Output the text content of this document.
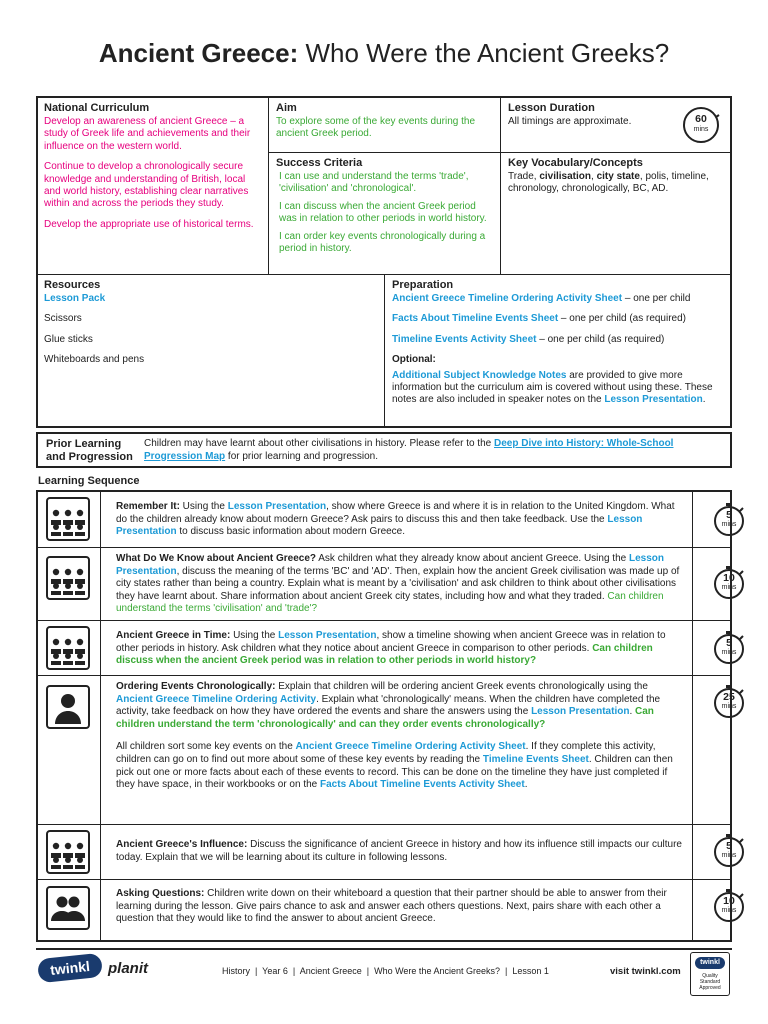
Ancient Greece: Who Were the Ancient Greeks?
National Curriculum

Develop an awareness of ancient Greece – a study of Greek life and achievements and their influence on the western world.

Continue to develop a chronologically secure knowledge and understanding of British, local and world history, establishing clear narratives within and across the periods they study.

Develop the appropriate use of historical terms.

Aim

To explore some of the key events during the ancient Greek period.

Success Criteria

I can use and understand the terms 'trade', 'civilisation' and 'chronological'.

I can discuss when the ancient Greek period was in relation to other periods in world history.

I can order key events chronologically during a period in history.

Lesson Duration

All timings are approximate.	60
mins
Key Vocabulary/Concepts

Trade, civilisation, city state, polis, timeline, chronology, chronologically, BC, AD.

Resources

Lesson Pack

Scissors

Glue sticks

Whiteboards and pens

Preparation

Ancient Greece Timeline Ordering Activity Sheet – one per child

Facts About Timeline Events Sheet – one per child (as required)

Timeline Events Activity Sheet – one per child (as required)

Optional:

Additional Subject Knowledge Notes are provided to give more information but the curriculum aim is covered without using these. These notes are also included in speaker notes on the Lesson Presentation.

Prior Learning
and Progression
Children may have learnt about other civilisations in history. Please refer to the Deep Dive into History: Whole-School Progression Map for prior learning and progression.
Learning Sequence
Remember It: Using the Lesson Presentation, show where Greece is and where it is in relation to the United Kingdom. What do the children already know about modern Greece? Ask pairs to discuss this and then take feedback. Use the Lesson Presentation to discuss basic information about modern Greece.
5
mins
What Do We Know about Ancient Greece? Ask children what they already know about ancient Greece. Using the Lesson Presentation, discuss the meaning of the terms 'BC' and 'AD'. Then, explain how the ancient Greek civilisation was made up of city states rather than being a country. Explain what is meant by a 'civilisation' and ask children to think about other civilisations they have learnt about. Share information about ancient Greek city states, including how and what they traded. Can children understand the terms 'civilisation' and 'trade'?
10
mins
Ancient Greece in Time: Using the Lesson Presentation, show a timeline showing when ancient Greece was in relation to other periods in history. Ask children what they notice about ancient Greece in comparison to other periods. Can children discuss when the ancient Greek period was in relation to other periods in world history?
5
mins
Ordering Events Chronologically: Explain that children will be ordering ancient Greek events chronologically using the Ancient Greece Timeline Ordering Activity. Explain what 'chronologically' means. When the children have completed the activity, take feedback on how they have ordered the events and share the answers using the Lesson Presentation. Can children understand the term 'chronologically' and can they order events chronologically?
All children sort some key events on the Ancient Greece Timeline Ordering Activity Sheet. If they complete this activity, children can go on to find out more about some of these key events by reading the Timeline Events Sheet. Children can then pick out one or more facts about each of these events to record. This can be done on the timeline they have just completed if they have space, in their workbooks or on the Facts About Timeline Events Activity Sheet.
25
mins
Ancient Greece's Influence: Discuss the significance of ancient Greece in history and how its influence still impacts our culture today. Explain that we will be learning about its culture in following lessons.
5
mins
Asking Questions: Children write down on their whiteboard a question that their partner should be able to answer from their learning during the lesson. Give pairs chance to ask and answer each others questions. Next, pairs share with each other a question that they would like to find the answer to about ancient Greece.
10
mins
twinkl	planit	History  |  Year 6  |  Ancient Greece  |  Who Were the Ancient Greeks?  |  Lesson 1	visit twinkl.com
twinkl
Quality Standard Approved
